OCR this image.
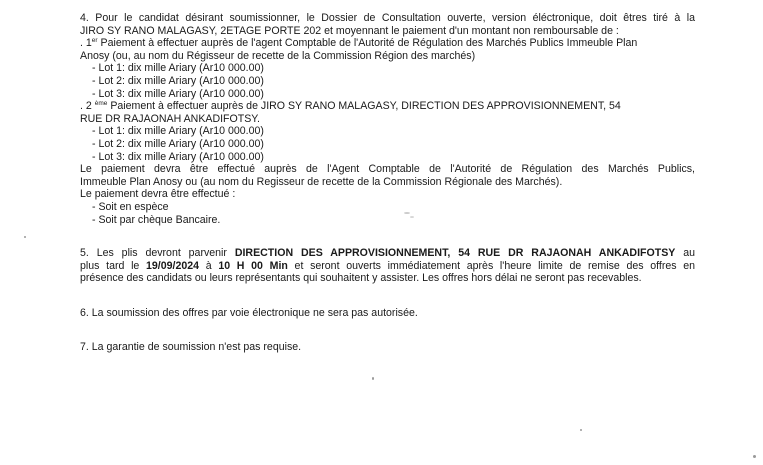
4. Pour le candidat désirant soumissionner, le Dossier de Consultation ouverte, version éléctronique, doit êtres tiré à la
JIRO SY RANO MALAGASY, 2ETAGE PORTE 202 et moyennant le paiement d'un montant non remboursable de :
. 1er Paiement à effectuer auprès de l'agent Comptable de l'Autorité de Régulation des Marchés Publics Immeuble Plan
Anosy (ou, au nom du Régisseur de recette de la Commission Région des marchés)
- Lot 1: dix mille Ariary (Ar10 000.00)
- Lot 2: dix mille Ariary (Ar10 000.00)
- Lot 3: dix mille Ariary (Ar10 000.00)
. 2 $^{ème}$ Paiement à effectuer auprès de JIRO SY RANO MALAGASY, DIRECTION DES APPROVISIONNEMENT, 54
RUE DR RAJAONAH ANKADIFOTSY.
- Lot 1: dix mille Ariary (Ar10 000.00)
- Lot 2: dix mille Ariary (Ar10 000.00)
- Lot 3: dix mille Ariary (Ar10 000.00)
Le paiement devra être effectué auprès de l'Agent Comptable de l'Autorité de Régulation des Marchés Publics,
Immeuble Plan Anosy ou (au nom du Regisseur de recette de la Commission Régionale des Marchés).
Le paiement devra être effectué :
- Soit en espèce
- Soit par chèque Bancaire.
5. Les plis devront parvenir DIRECTION DES APPROVISIONNEMENT, 54 RUE DR RAJAONAH ANKADIFOTSY au
plus tard le 19/09/2024 à 10 H 00 Min et seront ouverts immédiatement après l'heure limite de remise des offres en
présence des candidats ou leurs représentants qui souhaitent y assister. Les offres hors délai ne seront pas recevables.
6. La soumission des offres par voie électronique ne sera pas autorisée.
7. La garantie de soumission n'est pas requise.
